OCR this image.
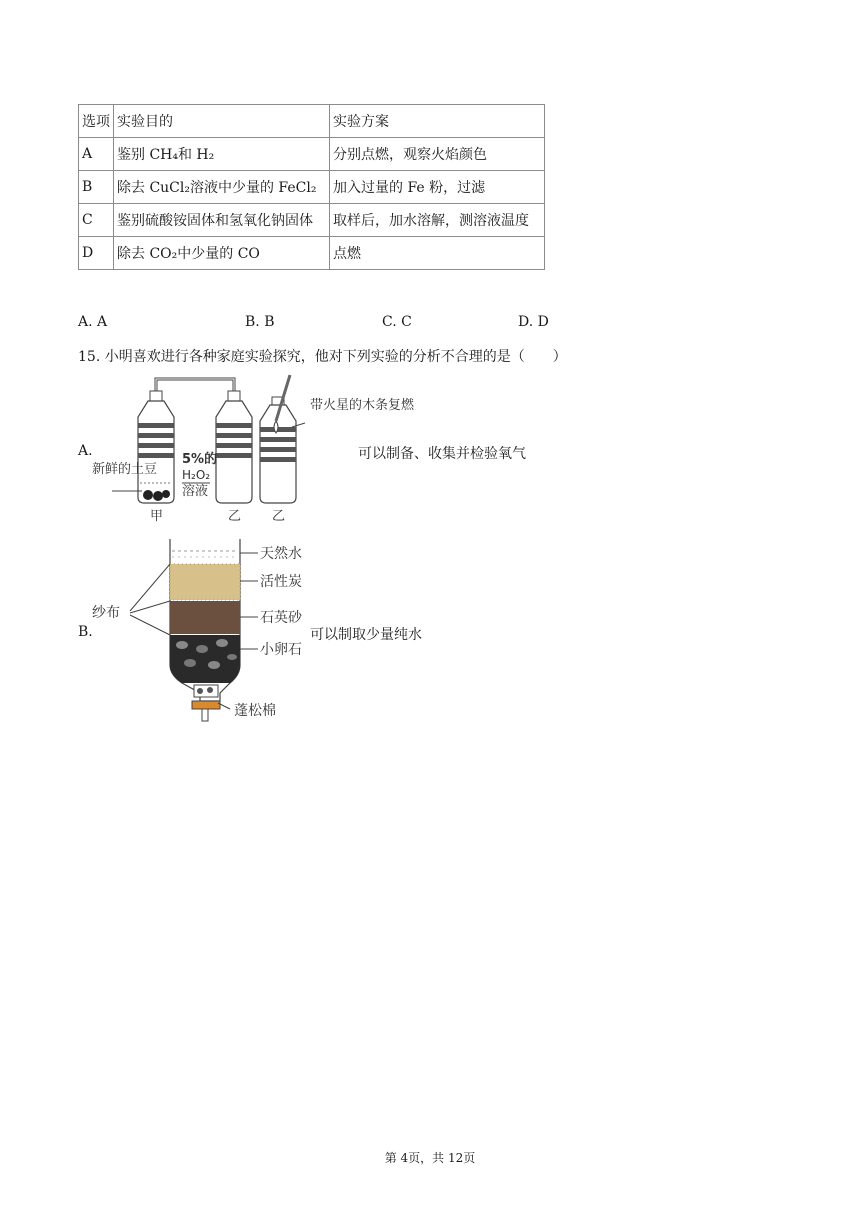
选项	实验目的	实验方案
A	鉴别 CH₄和 H₂	分别点燃，观察火焰颜色
B	除去 CuCl₂溶液中少量的 FeCl₂	加入过量的 Fe 粉，过滤
C	鉴别硫酸铵固体和氢氧化钠固体	取样后，加水溶解，测溶液温度
D	除去 CO₂中少量的 CO	点燃
A. A	B. B	C. C	D. D
15. 小明喜欢进行各种家庭实验探究，他对下列实验的分析不合理的是（　　）
A.
新鲜的土豆
5%的
H₂O₂
溶液
带火星的木条复燃
甲	乙 乙
可以制备、收集并检验氧气
B.
纱布
天然水
活性炭
石英砂
小卵石
蓬松棉
可以制取少量纯水
第 4页，共 12页
